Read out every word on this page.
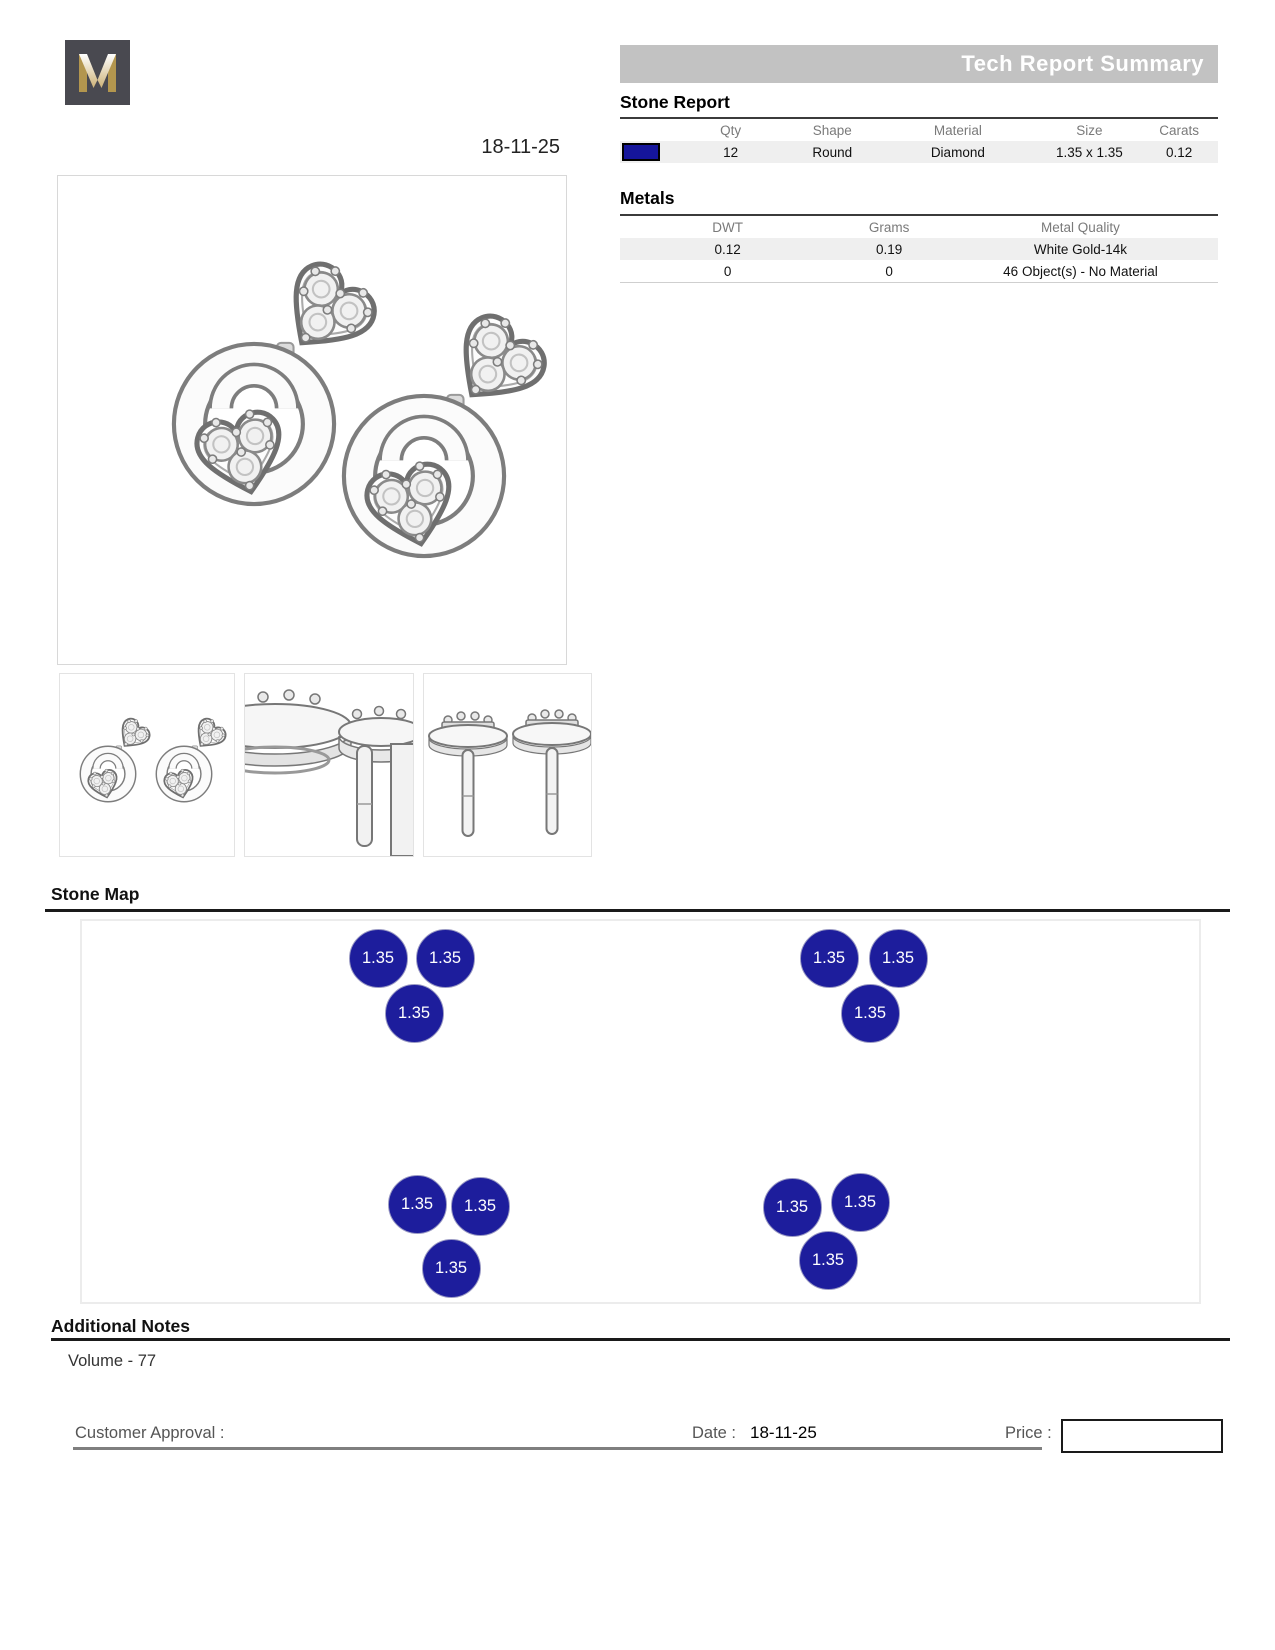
Tech Report Summary
Stone Report
	Qty	Shape	Material	Size	Carats
	12	Round	Diamond	1.35 x 1.35	0.12
Metals
DWT	Grams	Metal Quality
0.12	0.19	White Gold-14k
0	0	46 Object(s) - No Material
18-11-25
Stone Map
Additional Notes
Volume - 77
Customer Approval :	Date : 18-11-25	Price :
1.35	1.35
1.35
1.35	1.35
1.35
1.35	1.35
1.35
1.35	1.35
1.35
